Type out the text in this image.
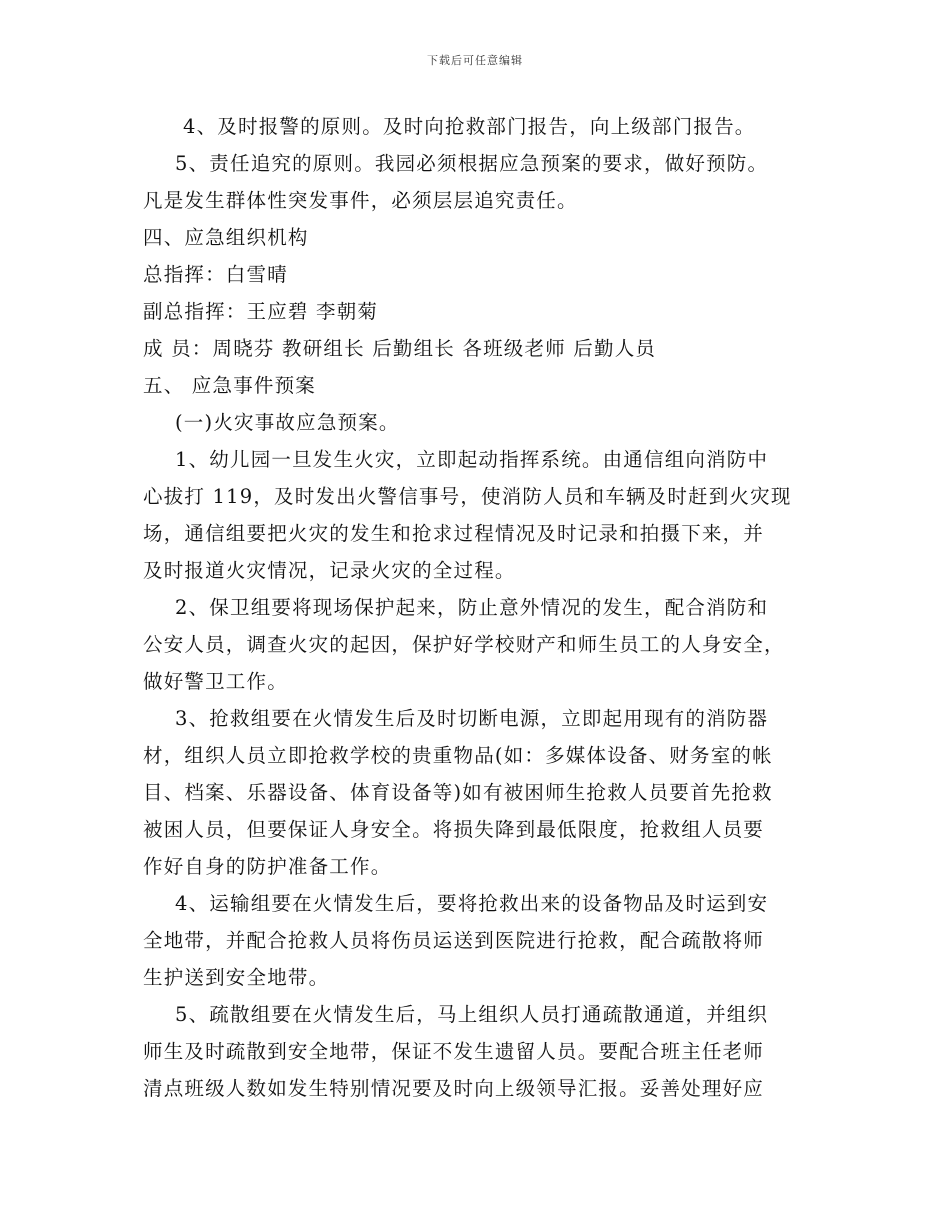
下载后可任意编辑
4、及时报警的原则。及时向抢救部门报告，向上级部门报告。
5、责任追究的原则。我园必须根据应急预案的要求，做好预防。
凡是发生群体性突发事件，必须层层追究责任。
四、应急组织机构
总指挥：白雪晴
副总指挥：王应碧 李朝菊
成 员：周晓芬 教研组长 后勤组长 各班级老师 后勤人员
五、 应急事件预案
(一)火灾事故应急预案。
1、幼儿园一旦发生火灾，立即起动指挥系统。由通信组向消防中
心拔打 119，及时发出火警信事号，使消防人员和车辆及时赶到火灾现
场，通信组要把火灾的发生和抢求过程情况及时记录和拍摄下来，并
及时报道火灾情况，记录火灾的全过程。
2、保卫组要将现场保护起来，防止意外情况的发生，配合消防和
公安人员，调查火灾的起因，保护好学校财产和师生员工的人身安全，
做好警卫工作。
3、抢救组要在火情发生后及时切断电源，立即起用现有的消防器
材，组织人员立即抢救学校的贵重物品(如：多媒体设备、财务室的帐
目、档案、乐器设备、体育设备等)如有被困师生抢救人员要首先抢救
被困人员，但要保证人身安全。将损失降到最低限度，抢救组人员要
作好自身的防护准备工作。
4、运输组要在火情发生后，要将抢救出来的设备物品及时运到安
全地带，并配合抢救人员将伤员运送到医院进行抢救，配合疏散将师
生护送到安全地带。
5、疏散组要在火情发生后，马上组织人员打通疏散通道，并组织
师生及时疏散到安全地带，保证不发生遗留人员。要配合班主任老师
清点班级人数如发生特别情况要及时向上级领导汇报。妥善处理好应
